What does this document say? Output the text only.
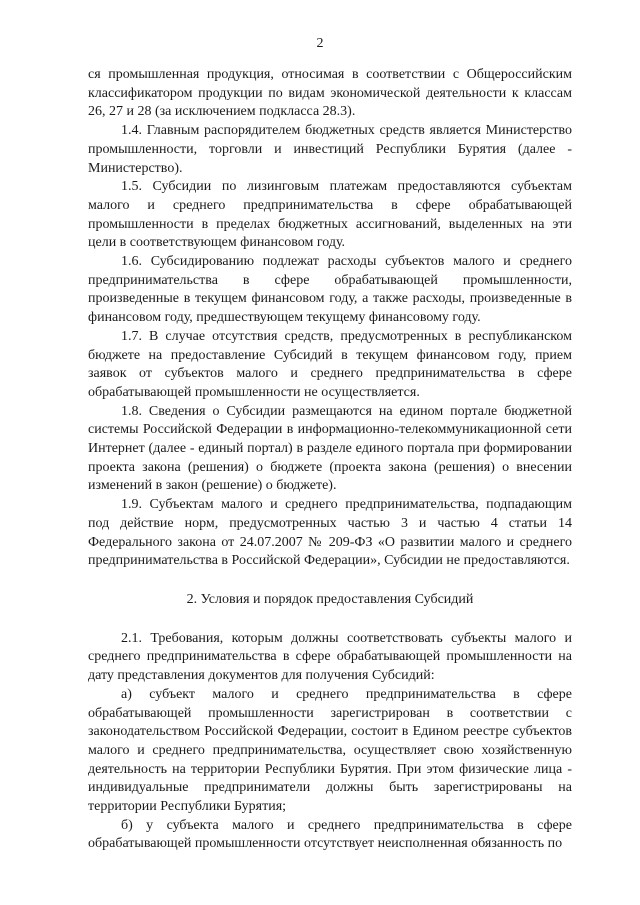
2

ся промышленная продукция, относимая в соответствии с Общероссийским классификатором продукции по видам экономической деятельности к классам 26, 27 и 28 (за исключением подкласса 28.3).

1.4. Главным распорядителем бюджетных средств является Министерство промышленности, торговли и инвестиций Республики Бурятия (далее - Министерство).

1.5. Субсидии по лизинговым платежам предоставляются субъектам малого и среднего предпринимательства в сфере обрабатывающей промышленности в пределах бюджетных ассигнований, выделенных на эти цели в соответствующем финансовом году.

1.6. Субсидированию подлежат расходы субъектов малого и среднего предпринимательства в сфере обрабатывающей промышленности, произведенные в текущем финансовом году, а также расходы, произведенные в финансовом году, предшествующем текущему финансовому году.

1.7. В случае отсутствия средств, предусмотренных в республиканском бюджете на предоставление Субсидий в текущем финансовом году, прием заявок от субъектов малого и среднего предпринимательства в сфере обрабатывающей промышленности не осуществляется.

1.8. Сведения о Субсидии размещаются на едином портале бюджетной системы Российской Федерации в информационно-телекоммуникационной сети Интернет (далее - единый портал) в разделе единого портала при формировании проекта закона (решения) о бюджете (проекта закона (решения) о внесении изменений в закон (решение) о бюджете).

1.9. Субъектам малого и среднего предпринимательства, подпадающим под действие норм, предусмотренных частью 3 и частью 4 статьи 14 Федерального закона от 24.07.2007 № 209-ФЗ «О развитии малого и среднего предпринимательства в Российской Федерации», Субсидии не предоставляются.

2. Условия и порядок предоставления Субсидий

2.1. Требования, которым должны соответствовать субъекты малого и среднего предпринимательства в сфере обрабатывающей промышленности на дату представления документов для получения Субсидий:

а) субъект малого и среднего предпринимательства в сфере обрабатывающей промышленности зарегистрирован в соответствии с законодательством Российской Федерации, состоит в Едином реестре субъектов малого и среднего предпринимательства, осуществляет свою хозяйственную деятельность на территории Республики Бурятия. При этом физические лица - индивидуальные предприниматели должны быть зарегистрированы на территории Республики Бурятия;

б) у субъекта малого и среднего предпринимательства в сфере обрабатывающей промышленности отсутствует неисполненная обязанность по
